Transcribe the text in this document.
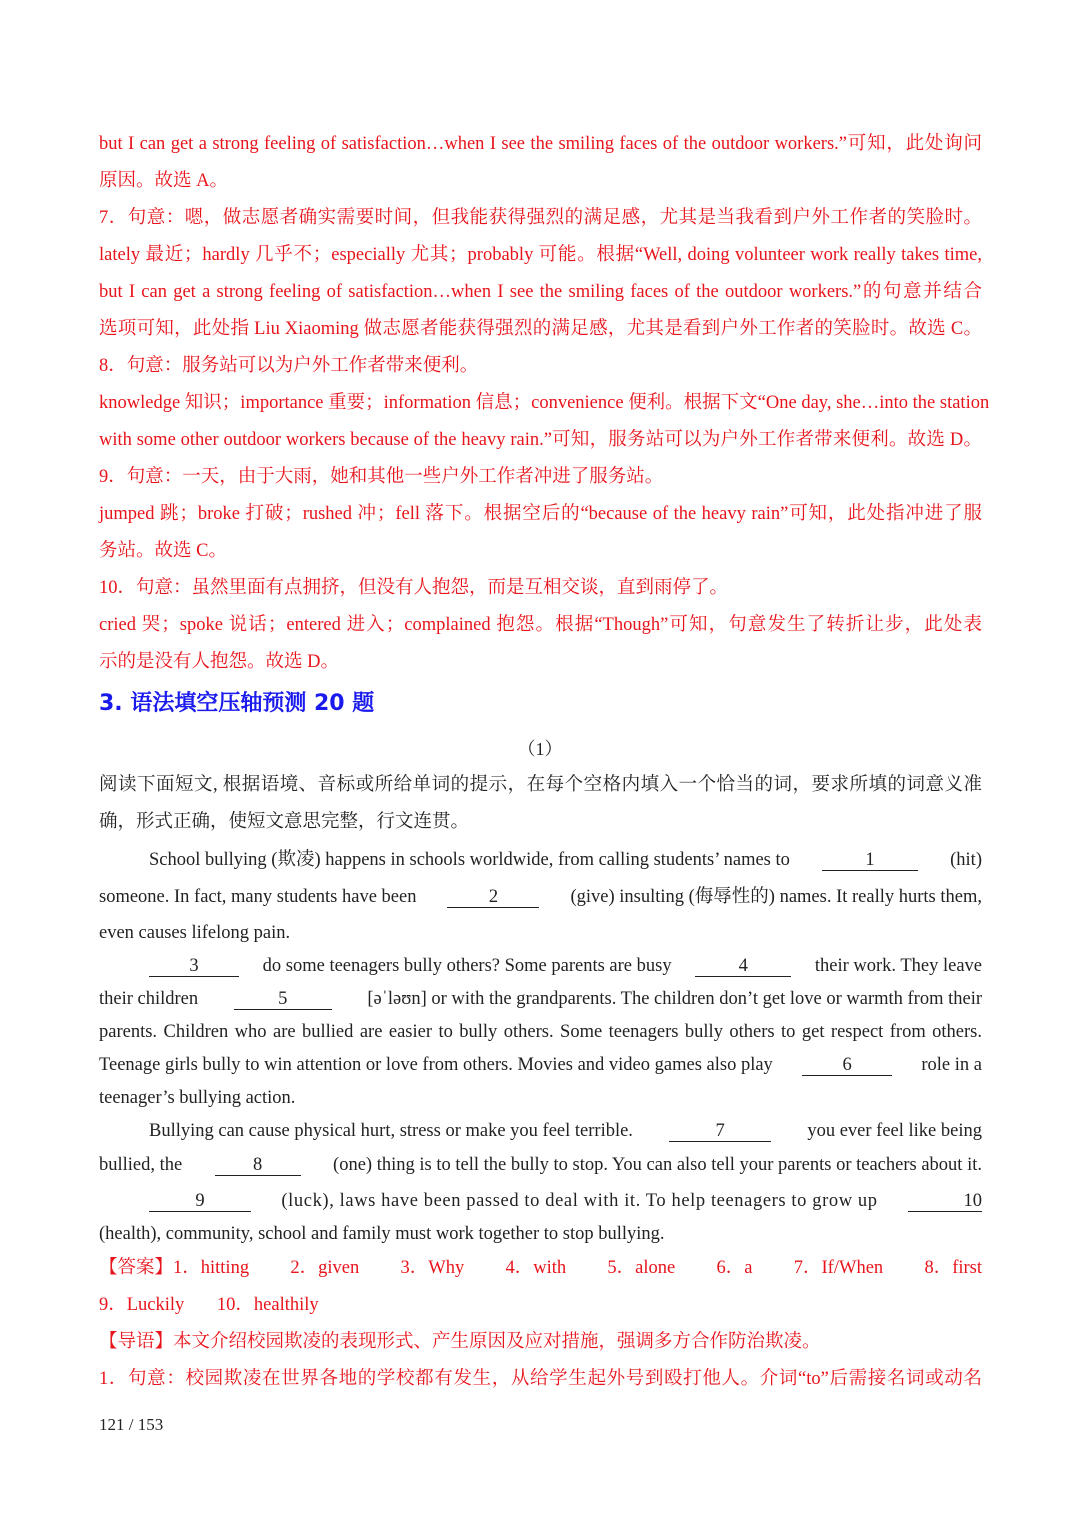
but I can get a strong feeling of satisfaction…when I see the smiling faces of the outdoor workers.”可知，此处询问
原因。故选 A。
7．句意：嗯，做志愿者确实需要时间，但我能获得强烈的满足感，尤其是当我看到户外工作者的笑脸时。
lately 最近；hardly 几乎不；especially 尤其；probably 可能。根据“Well, doing volunteer work really takes time,
but I can get a strong feeling of satisfaction…when I see the smiling faces of the outdoor workers.”的句意并结合
选项可知，此处指 Liu Xiaoming 做志愿者能获得强烈的满足感，尤其是看到户外工作者的笑脸时。故选 C。
8．句意：服务站可以为户外工作者带来便利。
knowledge 知识；importance 重要；information 信息；convenience 便利。根据下文“One day, she…into the station
with some other outdoor workers because of the heavy rain.”可知，服务站可以为户外工作者带来便利。故选 D。
9．句意：一天，由于大雨，她和其他一些户外工作者冲进了服务站。
jumped 跳；broke 打破；rushed 冲；fell 落下。根据空后的“because of the heavy rain”可知，此处指冲进了服
务站。故选 C。
10．句意：虽然里面有点拥挤，但没有人抱怨，而是互相交谈，直到雨停了。
cried 哭；spoke 说话；entered 进入；complained 抱怨。根据“Though”可知，句意发生了转折让步，此处表
示的是没有人抱怨。故选 D。
3. 语法填空压轴预测 20 题
（1）
阅读下面短文, 根据语境、音标或所给单词的提示，在每个空格内填入一个恰当的词，要求所填的词意义准
确，形式正确，使短文意思完整，行文连贯。
School bullying (欺凌) happens in schools worldwide, from calling students’ names to	1	(hit)
someone. In fact, many students have been	2	(give) insulting (侮辱性的) names. It really hurts them,
even causes lifelong pain.
3	do some teenagers bully others? Some parents are busy	4	their work. They leave
their children	5	[əˈləʊn] or with the grandparents. The children don’t get love or warmth from their
parents. Children who are bullied are easier to bully others. Some teenagers bully others to get respect from others.
Teenage girls bully to win attention or love from others. Movies and video games also play	6	role in a
teenager’s bullying action.
Bullying can cause physical hurt, stress or make you feel terrible.	7	you ever feel like being
bullied, the	8	(one) thing is to tell the bully to stop. You can also tell your parents or teachers about it.
9	(luck), laws have been passed to deal with it. To help teenagers to grow up	10
(health), community, school and family must work together to stop bullying.
【答案】1．hitting 2．given 3．Why 4．with 5．alone 6．a 7．If/When 8．first
9．Luckily 10．healthily
【导语】本文介绍校园欺凌的表现形式、产生原因及应对措施，强调多方合作防治欺凌。
1．句意：校园欺凌在世界各地的学校都有发生，从给学生起外号到殴打他人。介词“to”后需接名词或动名
121 / 153
